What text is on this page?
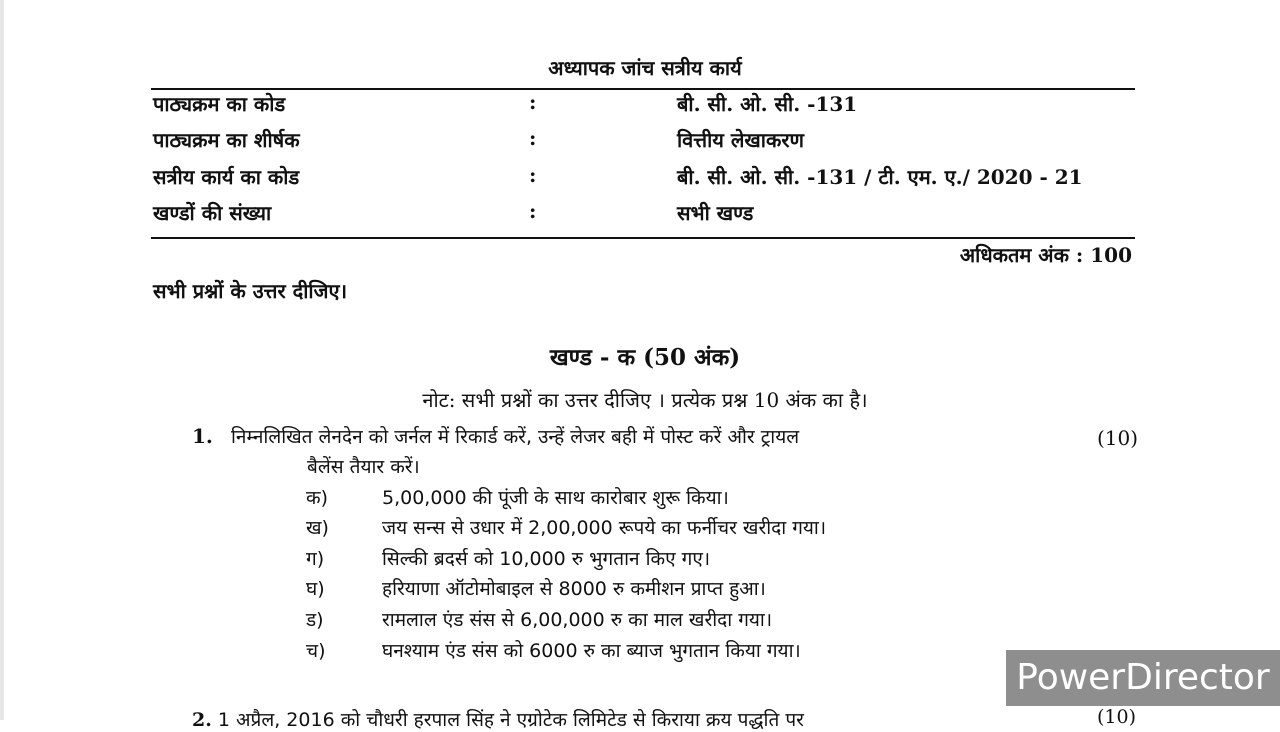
अध्यापक जांच सत्रीय कार्य
पाठ्यक्रम का कोड	:	बी. सी. ओ. सी. -131
पाठ्यक्रम का शीर्षक	:	वित्तीय लेखाकरण
सत्रीय कार्य का कोड	:	बी. सी. ओ. सी. -131 / टी. एम. ए./ 2020 - 21
खण्डों की संख्या	:	सभी खण्ड
अधिकतम अंक : 100
सभी प्रश्नों के उत्तर दीजिए।
खण्ड - क (50 अंक)
नोट: सभी प्रश्नों का उत्तर दीजिए । प्रत्येक प्रश्न 10 अंक का है।
1. निम्नलिखित लेनदेन को जर्नल में रिकार्ड करें, उन्हें लेजर बही में पोस्ट करें और ट्रायल
बैलेंस तैयार करें।
(10)
क)	5,00,000 की पूंजी के साथ कारोबार शुरू किया।
ख)	जय सन्स से उधार में 2,00,000 रूपये का फर्नीचर खरीदा गया।
ग)	सिल्की ब्रदर्स को 10,000 रु भुगतान किए गए।
घ)	हरियाणा ऑटोमोबाइल से 8000 रु कमीशन प्राप्त हुआ।
ड)	रामलाल एंड संस से 6,00,000 रु का माल खरीदा गया।
च)	घनश्याम एंड संस को 6000 रु का ब्याज भुगतान किया गया।
2. 1 अप्रैल, 2016 को चौधरी हरपाल सिंह ने एग्रोटेक लिमिटेड से किराया क्रय पद्धति पर	(10)
PowerDirector
